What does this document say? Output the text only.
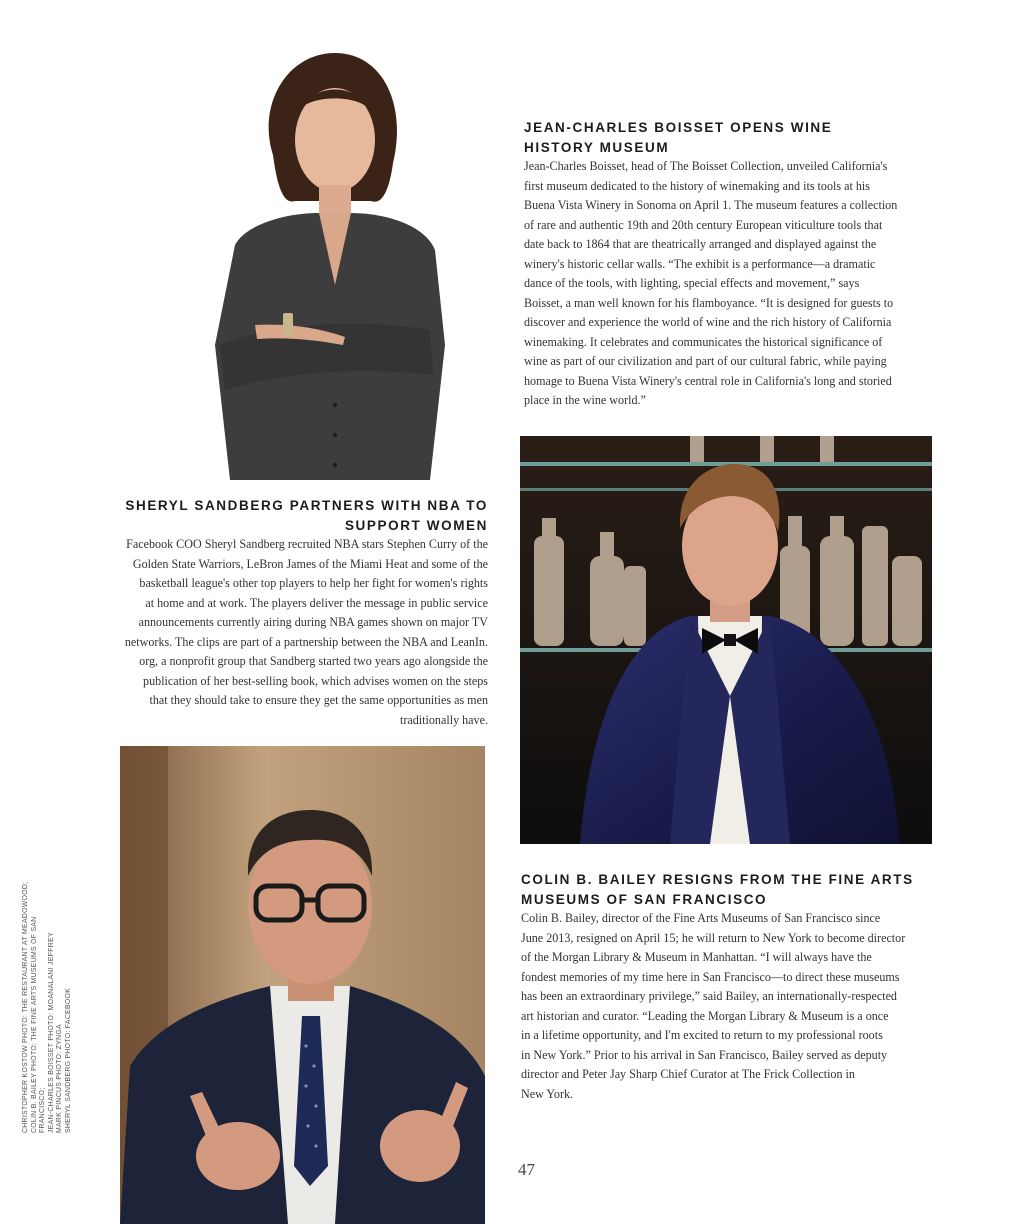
JEAN-CHARLES BOISSET OPENS WINE
HISTORY MUSEUM
Jean-Charles Boisset, head of The Boisset Collection, unveiled California's
first museum dedicated to the history of winemaking and its tools at his
Buena Vista Winery in Sonoma on April 1. The museum features a collection
of rare and authentic 19th and 20th century European viticulture tools that
date back to 1864 that are theatrically arranged and displayed against the
winery's historic cellar walls. “The exhibit is a performance—a dramatic
dance of the tools, with lighting, special effects and movement,” says
Boisset, a man well known for his flamboyance. “It is designed for guests to
discover and experience the world of wine and the rich history of California
winemaking. It celebrates and communicates the historical significance of
wine as part of our civilization and part of our cultural fabric, while paying
homage to Buena Vista Winery's central role in California's long and storied
place in the wine world.”
SHERYL SANDBERG PARTNERS WITH NBA TO
SUPPORT WOMEN
Facebook COO Sheryl Sandberg recruited NBA stars Stephen Curry of the
Golden State Warriors, LeBron James of the Miami Heat and some of the
basketball league's other top players to help her fight for women's rights
at home and at work. The players deliver the message in public service
announcements currently airing during NBA games shown on major TV
networks. The clips are part of a partnership between the NBA and LeanIn.
org, a nonprofit group that Sandberg started two years ago alongside the
publication of her best-selling book, which advises women on the steps
that they should take to ensure they get the same opportunities as men
traditionally have.
COLIN B. BAILEY RESIGNS FROM THE FINE ARTS
MUSEUMS OF SAN FRANCISCO
Colin B. Bailey, director of the Fine Arts Museums of San Francisco since
June 2013, resigned on April 15; he will return to New York to become director
of the Morgan Library & Museum in Manhattan. “I will always have the
fondest memories of my time here in San Francisco—to direct these museums
has been an extraordinary privilege,” said Bailey, an internationally-respected
art historian and curator. “Leading the Morgan Library & Museum is a once
in a lifetime opportunity, and I'm excited to return to my professional roots
in New York.” Prior to his arrival in San Francisco, Bailey served as deputy
director and Peter Jay Sharp Chief Curator at The Frick Collection in
New York.
CHRISTOPHER KOSTOW PHOTO: THE RESTAURANT AT MEADOWOOD;
COLIN B. BAILEY PHOTO: THE FINE ARTS MUSEUMS OF SAN FRANCISCO;
JEAN-CHARLES BOISSET PHOTO: MOANALANI JEFFREY
MARK PINCUS PHOTO: ZYNGA
SHERYL SANDBERG PHOTO: FACEBOOK
47
